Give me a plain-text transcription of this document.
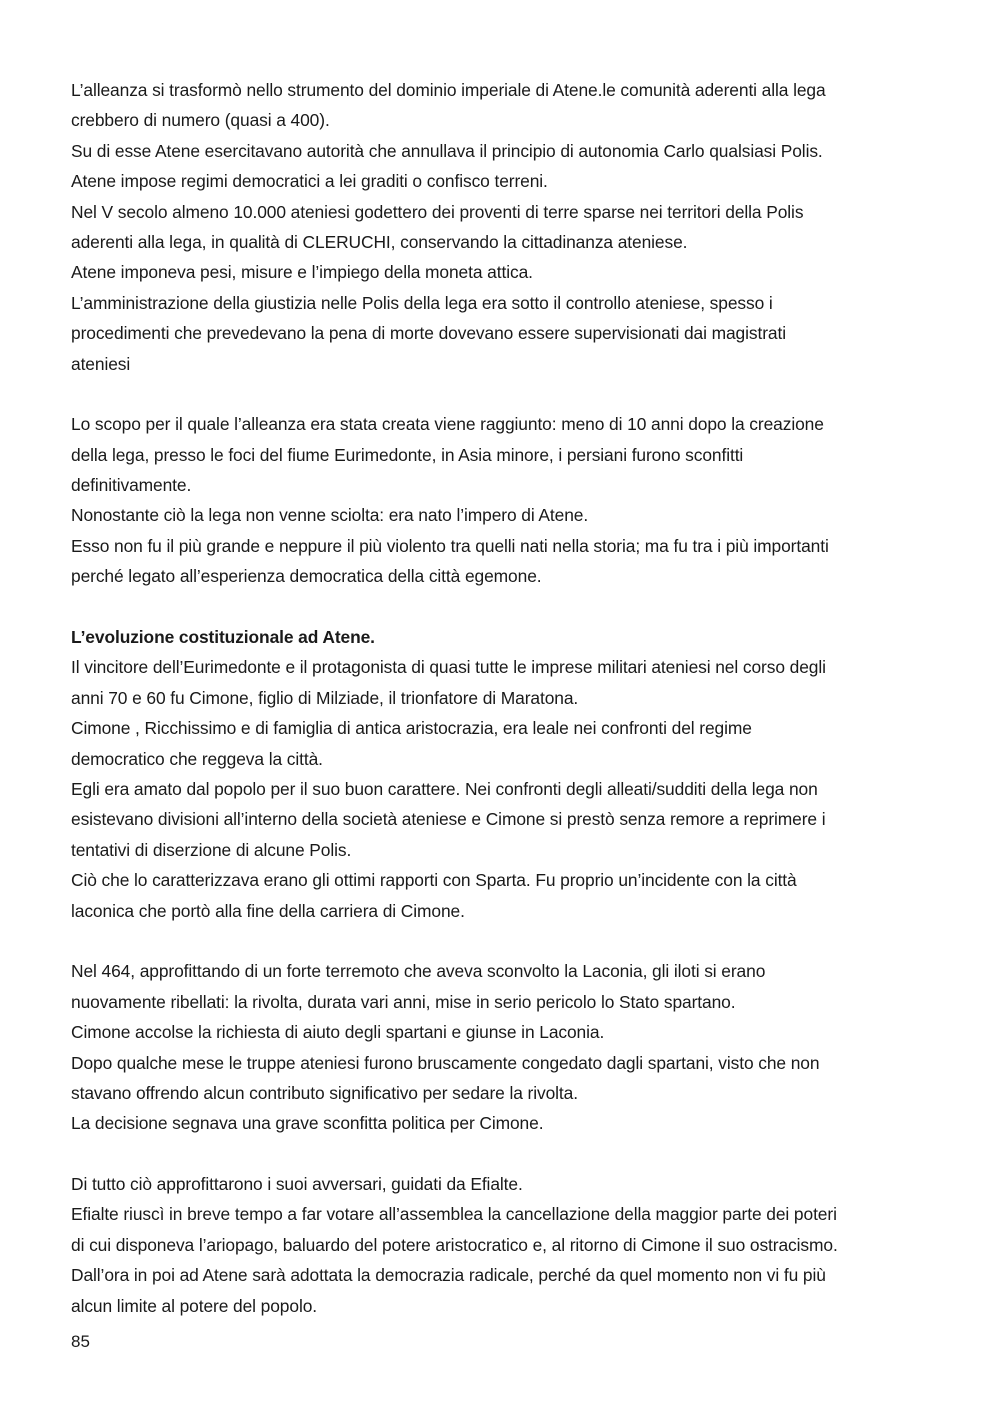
L’alleanza si trasformò nello strumento del dominio imperiale di Atene.le comunità aderenti alla lega
crebbero di numero (quasi a 400).
Su di esse Atene esercitavano autorità che annullava il principio di autonomia Carlo qualsiasi Polis.
Atene impose regimi democratici a lei graditi o confisco terreni.
Nel V secolo almeno 10.000 ateniesi godettero dei proventi di terre sparse nei territori della Polis
aderenti alla lega, in qualità di CLERUCHI, conservando la cittadinanza ateniese.
Atene imponeva pesi, misure e l’impiego della moneta attica.
L’amministrazione della giustizia nelle Polis della lega era sotto il controllo ateniese, spesso i
procedimenti che prevedevano la pena di morte dovevano essere supervisionati dai magistrati
ateniesi
Lo scopo per il quale l’alleanza era stata creata viene raggiunto: meno di 10 anni dopo la creazione
della lega, presso le foci del fiume Eurimedonte, in Asia minore, i persiani furono sconfitti
definitivamente.
Nonostante ciò la lega non venne sciolta: era nato l’impero di Atene.
Esso non fu il più grande e neppure il più violento tra quelli nati nella storia; ma fu tra i più importanti
perché legato all’esperienza democratica della città egemone.
L’evoluzione costituzionale ad Atene.
Il vincitore dell’Eurimedonte e il protagonista di quasi tutte le imprese militari ateniesi nel corso degli
anni 70 e 60 fu Cimone, figlio di Milziade, il trionfatore di Maratona.
Cimone , Ricchissimo e di famiglia di antica aristocrazia, era leale nei confronti del regime
democratico che reggeva la città.
Egli era amato dal popolo per il suo buon carattere. Nei confronti degli alleati/sudditi della lega non
esistevano divisioni all’interno della società ateniese e Cimone si prestò senza remore a reprimere i
tentativi di diserzione di alcune Polis.
Ciò che lo caratterizzava erano gli ottimi rapporti con Sparta. Fu proprio un’incidente con la città
laconica che portò alla fine della carriera di Cimone.
Nel 464, approfittando di un forte terremoto che aveva sconvolto la Laconia, gli iloti si erano
nuovamente ribellati: la rivolta, durata vari anni, mise in serio pericolo lo Stato spartano.
Cimone accolse la richiesta di aiuto degli spartani e giunse in Laconia.
Dopo qualche mese le truppe ateniesi furono bruscamente congedato dagli spartani, visto che non
stavano offrendo alcun contributo significativo per sedare la rivolta.
La decisione segnava una grave sconfitta politica per Cimone.
Di tutto ciò approfittarono i suoi avversari, guidati da Efialte.
Efialte riuscì in breve tempo a far votare all’assemblea la cancellazione della maggior parte dei poteri
di cui disponeva l’ariopago, baluardo del potere aristocratico e, al ritorno di Cimone il suo ostracismo.
Dall’ora in poi ad Atene sarà adottata la democrazia radicale, perché da quel momento non vi fu più
alcun limite al potere del popolo.
85
